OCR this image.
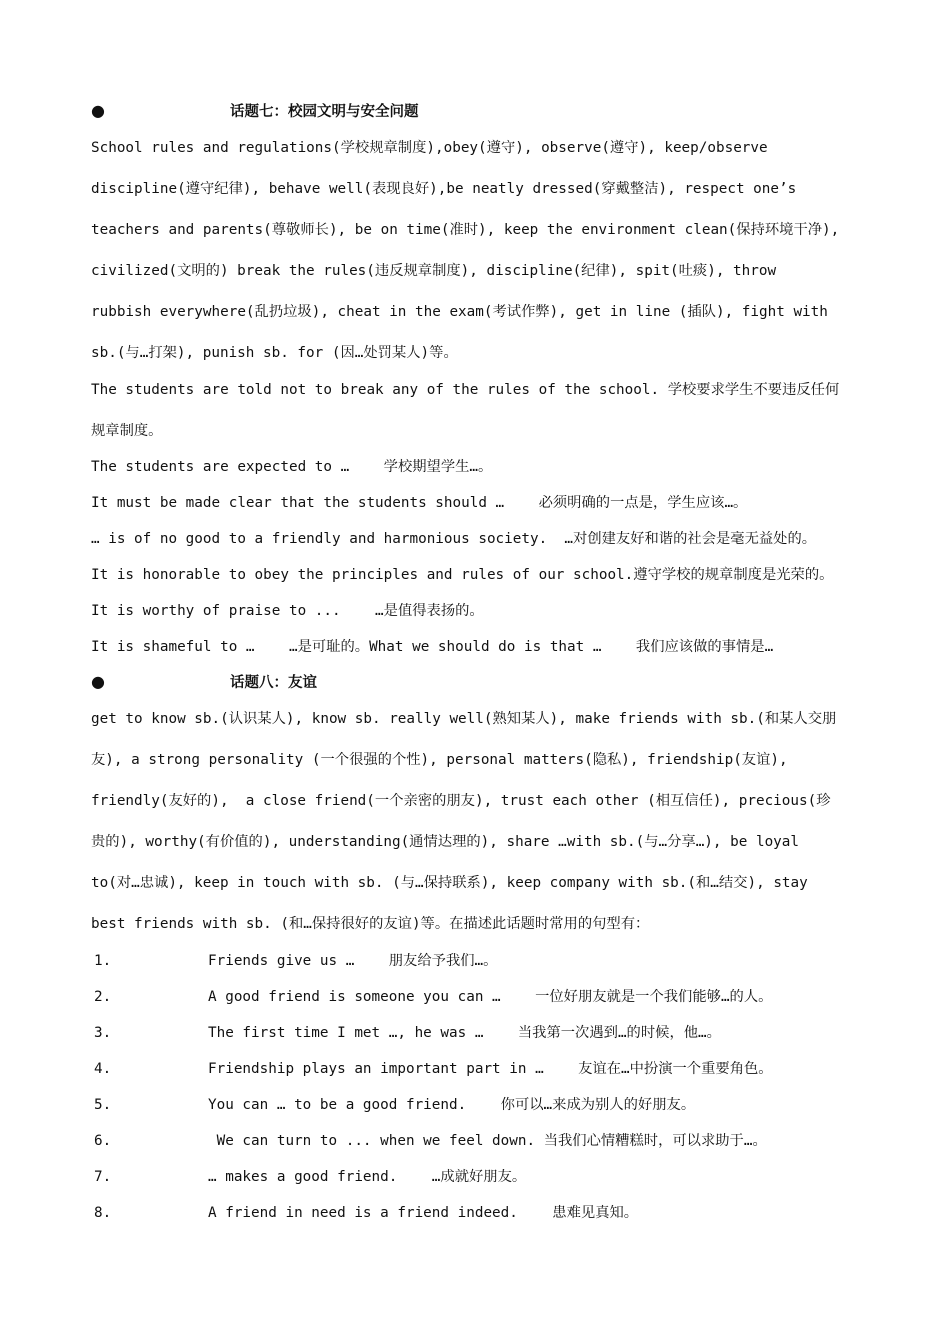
●	话题七：校园文明与安全问题
School rules and regulations(学校规章制度),obey(遵守), observe(遵守), keep/observe
discipline(遵守纪律), behave well(表现良好),be neatly dressed(穿戴整洁), respect one’s
teachers and parents(尊敬师长), be on time(准时), keep the environment clean(保持环境干净),
civilized(文明的) break the rules(违反规章制度), discipline(纪律), spit(吐痰), throw
rubbish everywhere(乱扔垃圾), cheat in the exam(考试作弊), get in line (插队), fight with
sb.(与…打架), punish sb. for (因…处罚某人)等。
The students are told not to break any of the rules of the school. 学校要求学生不要违反任何
规章制度。
The students are expected to …    学校期望学生…。
It must be made clear that the students should …    必须明确的一点是，学生应该…。
… is of no good to a friendly and harmonious society.  …对创建友好和谐的社会是毫无益处的。
It is honorable to obey the principles and rules of our school.遵守学校的规章制度是光荣的。
It is worthy of praise to ...    …是值得表扬的。
It is shameful to …    …是可耻的。What we should do is that …    我们应该做的事情是…
●	话题八：友谊
get to know sb.(认识某人), know sb. really well(熟知某人), make friends with sb.(和某人交朋
友), a strong personality (一个很强的个性), personal matters(隐私), friendship(友谊),
friendly(友好的),  a close friend(一个亲密的朋友), trust each other (相互信任), precious(珍
贵的), worthy(有价值的), understanding(通情达理的), share …with sb.(与…分享…), be loyal
to(对…忠诚), keep in touch with sb. (与…保持联系), keep company with sb.(和…结交), stay
best friends with sb. (和…保持很好的友谊)等。在描述此话题时常用的句型有：
1.	Friends give us …    朋友给予我们…。
2.	A good friend is someone you can …    一位好朋友就是一个我们能够…的人。
3.	The first time I met …, he was …    当我第一次遇到…的时候，他…。
4.	Friendship plays an important part in …    友谊在…中扮演一个重要角色。
5.	You can … to be a good friend.    你可以…来成为别人的好朋友。
6.	We can turn to ... when we feel down. 当我们心情糟糕时，可以求助于…。
7.	… makes a good friend.    …成就好朋友。
8.	A friend in need is a friend indeed.    患难见真知。
